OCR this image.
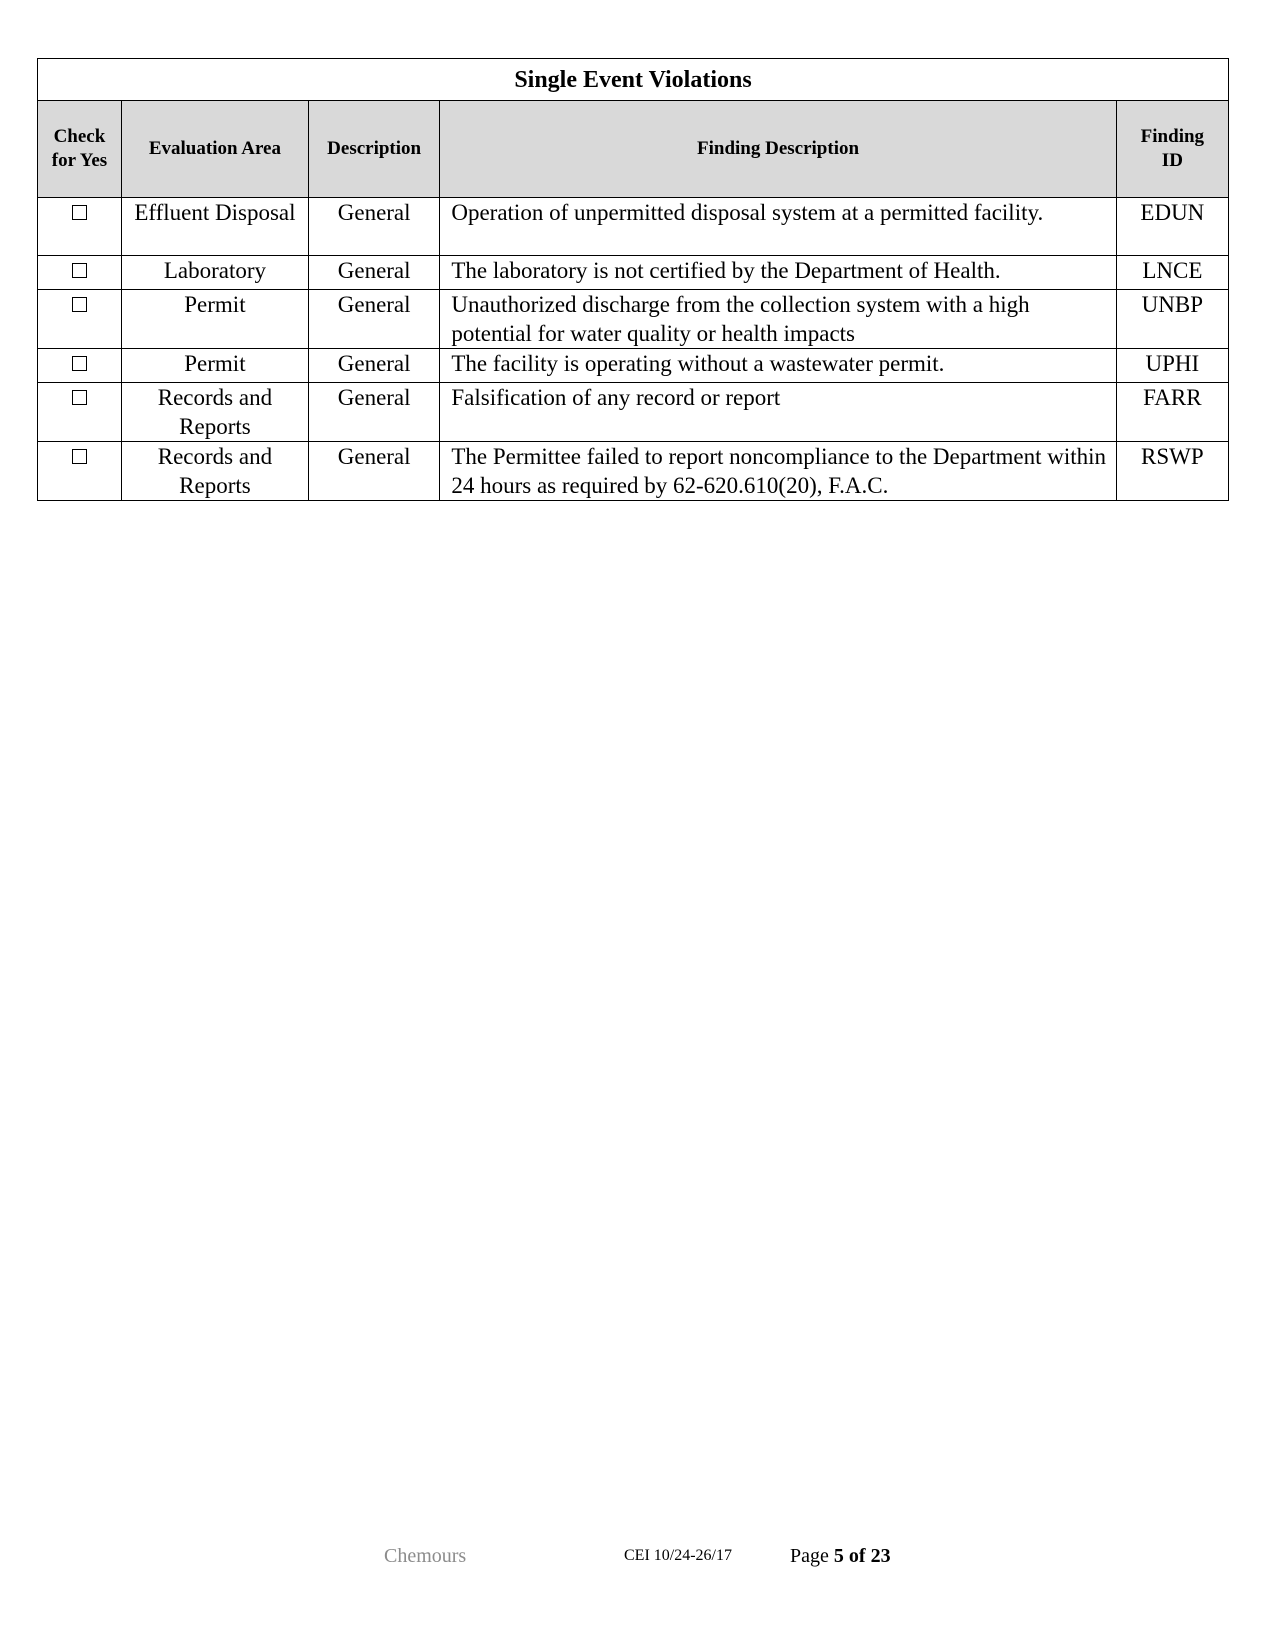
Single Event Violations				
Check for Yes	Evaluation Area	Description	Finding Description	Finding ID
	Effluent Disposal	General	Operation of unpermitted disposal system at a permitted facility.	EDUN
	Laboratory	General	The laboratory is not certified by the Department of Health.	LNCE
	Permit	General	Unauthorized discharge from the collection system with a high potential for water quality or health impacts	UNBP
	Permit	General	The facility is operating without a wastewater permit.	UPHI
	Records and Reports	General	Falsification of any record or report	FARR
	Records and Reports	General	The Permittee failed to report noncompliance to the Department within 24 hours as required by 62-620.610(20), F.A.C.	RSWP
Chemours	CEI 10/24-26/17	Page 5 of 23
